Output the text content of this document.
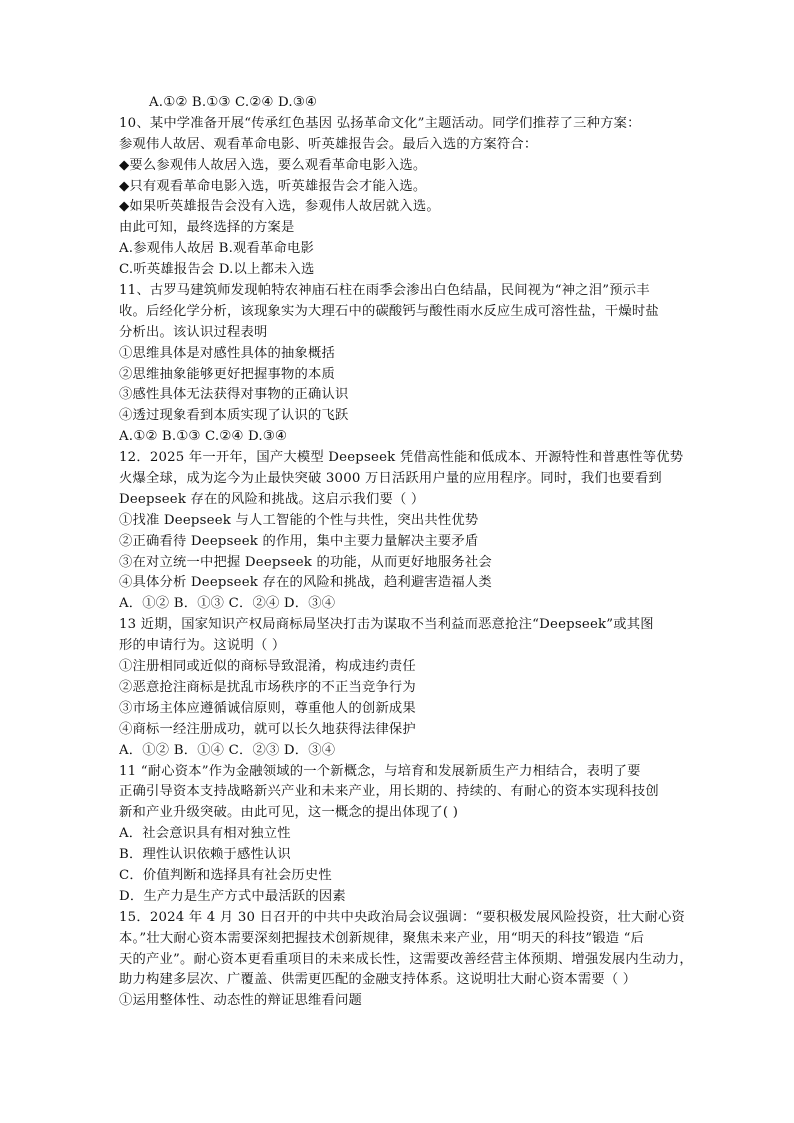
A.①② B.①③ C.②④ D.③④
10、某中学准备开展“传承红色基因 弘扬革命文化”主题活动。同学们推荐了三种方案：
参观伟人故居、观看革命电影、听英雄报告会。最后入选的方案符合：
◆要么参观伟人故居入选，要么观看革命电影入选。
◆只有观看革命电影入选，听英雄报告会才能入选。
◆如果听英雄报告会没有入选，参观伟人故居就入选。
由此可知，最终选择的方案是
A.参观伟人故居 B.观看革命电影
C.听英雄报告会 D.以上都未入选
11、古罗马建筑师发现帕特农神庙石柱在雨季会渗出白色结晶，民间视为“神之泪”预示丰
收。后经化学分析，该现象实为大理石中的碳酸钙与酸性雨水反应生成可溶性盐，干燥时盐
分析出。该认识过程表明
①思维具体是对感性具体的抽象概括
②思维抽象能够更好把握事物的本质
③感性具体无法获得对事物的正确认识
④透过现象看到本质实现了认识的飞跃
A.①② B.①③ C.②④ D.③④
12．2025 年一开年，国产大模型 Deepseek 凭借高性能和低成本、开源特性和普惠性等优势
火爆全球，成为迄今为止最快突破 3000 万日活跃用户量的应用程序。同时，我们也要看到
Deepseek 存在的风险和挑战。这启示我们要（ ）
①找准 Deepseek 与人工智能的个性与共性，突出共性优势
②正确看待 Deepseek 的作用，集中主要力量解决主要矛盾
③在对立统一中把握 Deepseek 的功能，从而更好地服务社会
④具体分析 Deepseek 存在的风险和挑战，趋利避害造福人类
A．①② B．①③ C．②④ D．③④
13 近期，国家知识产权局商标局坚决打击为谋取不当利益而恶意抢注“Deepseek”或其图
形的申请行为。这说明（ ）
①注册相同或近似的商标导致混淆，构成违约责任
②恶意抢注商标是扰乱市场秩序的不正当竞争行为
③市场主体应遵循诚信原则，尊重他人的创新成果
④商标一经注册成功，就可以长久地获得法律保护
A．①② B．①④ C．②③ D．③④
11 “耐心资本”作为金融领域的一个新概念，与培育和发展新质生产力相结合，表明了要
正确引导资本支持战略新兴产业和未来产业，用长期的、持续的、有耐心的资本实现科技创
新和产业升级突破。由此可见，这一概念的提出体现了( )
A．社会意识具有相对独立性
B．理性认识依赖于感性认识
C．价值判断和选择具有社会历史性
D．生产力是生产方式中最活跃的因素
15．2024 年 4 月 30 日召开的中共中央政治局会议强调：“要积极发展风险投资，壮大耐心资
本。”壮大耐心资本需要深刻把握技术创新规律，聚焦未来产业，用“明天的科技”锻造 “后
天的产业”。耐心资本更看重项目的未来成长性，这需要改善经营主体预期、增强发展内生动力，
助力构建多层次、广覆盖、供需更匹配的金融支持体系。这说明壮大耐心资本需要（ ）
①运用整体性、动态性的辩证思维看问题
